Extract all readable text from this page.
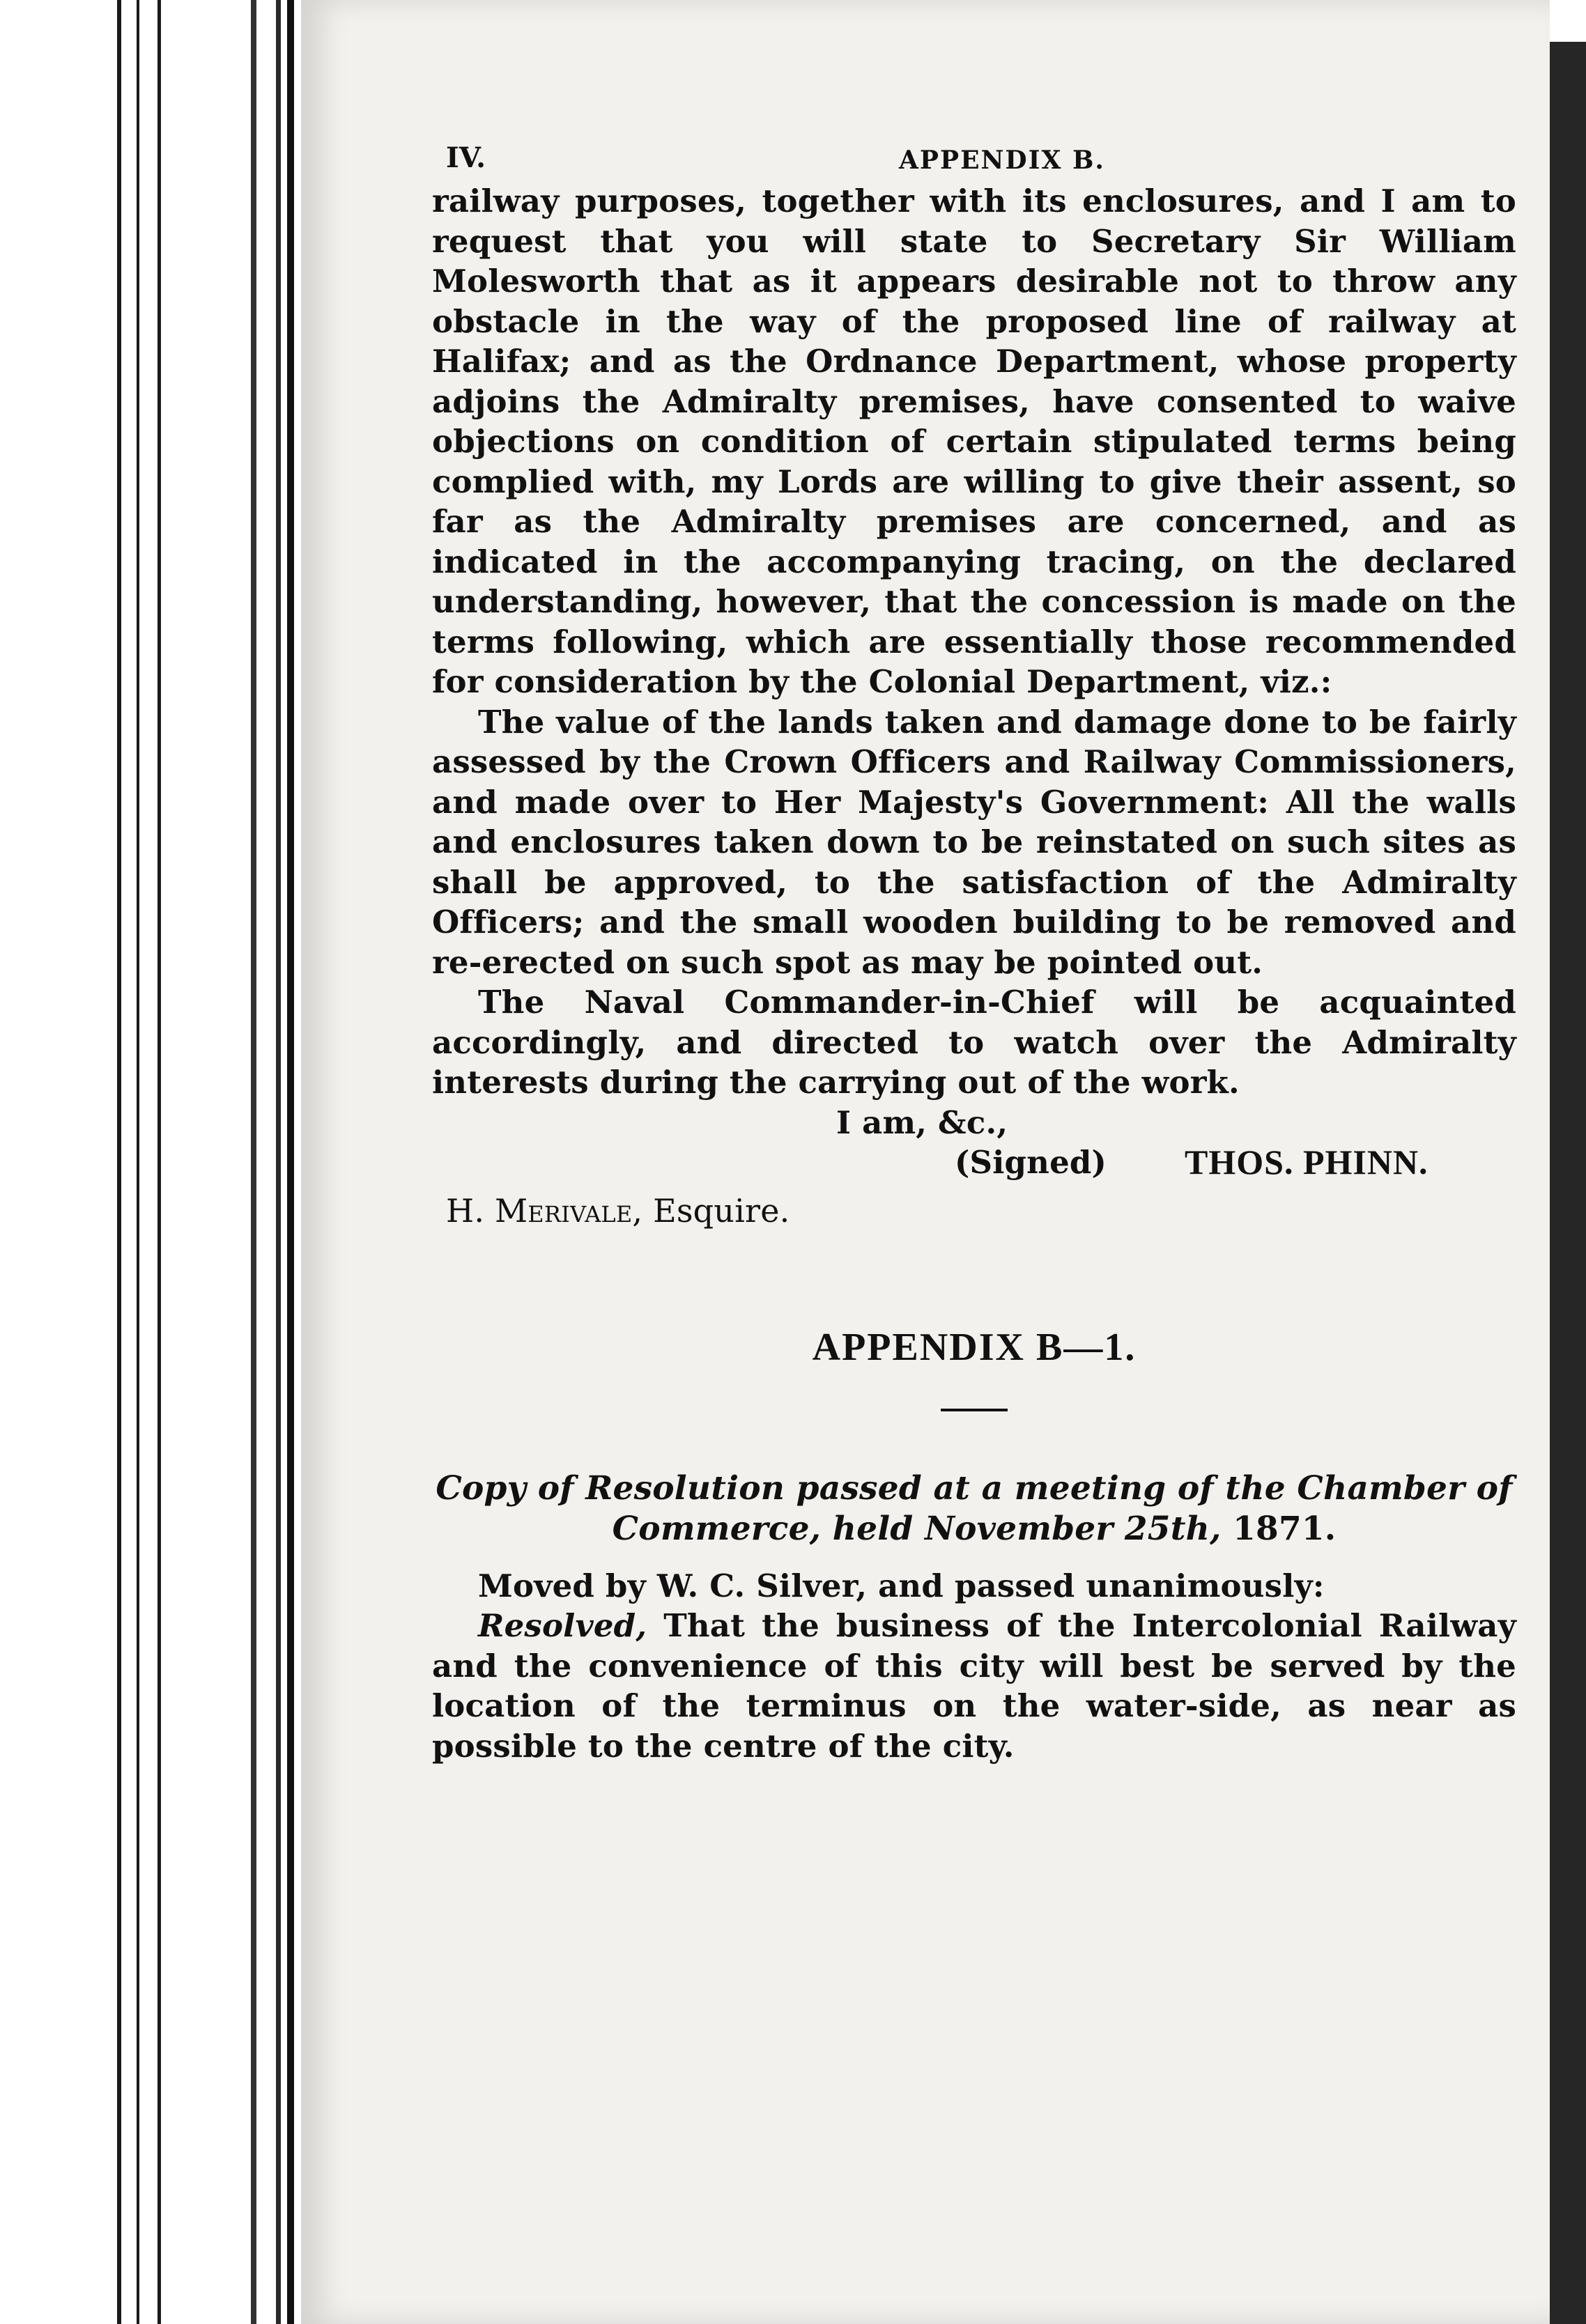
IV.	APPENDIX B.

railway purposes, together with its enclosures, and I am to request that you will state to Secretary Sir William Molesworth that as it appears desirable not to throw any obstacle in the way of the proposed line of railway at Halifax; and as the Ordnance Department, whose property adjoins the Admiralty premises, have consented to waive objections on condition of certain stipulated terms being complied with, my Lords are willing to give their assent, so far as the Admiralty premises are concerned, and as indicated in the accompanying tracing, on the declared understanding, however, that the concession is made on the terms following, which are essentially those recommended for consideration by the Colonial Department, viz.:

The value of the lands taken and damage done to be fairly assessed by the Crown Officers and Railway Commissioners, and made over to Her Majesty's Government: All the walls and enclosures taken down to be reinstated on such sites as shall be approved, to the satisfaction of the Admiralty Officers; and the small wooden building to be removed and re-erected on such spot as may be pointed out.

The Naval Commander-in-Chief will be acquainted accordingly, and directed to watch over the Admiralty interests during the carrying out of the work.

I am, &c.,

(Signed) THOS. PHINN.
H. Merivale, Esquire.
APPENDIX B—1.

Copy of Resolution passed at a meeting of the Chamber of Commerce, held November 25th, 1871.

Moved by W. C. Silver, and passed unanimously:

Resolved, That the business of the Intercolonial Railway and the convenience of this city will best be served by the location of the terminus on the water-side, as near as possible to the centre of the city.
